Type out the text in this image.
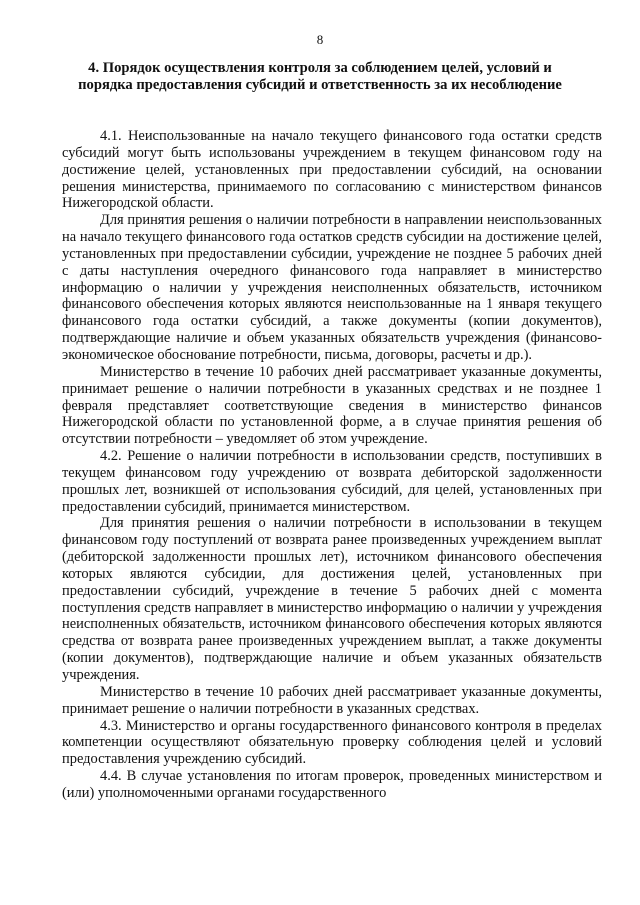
8
4. Порядок осуществления контроля за соблюдением целей, условий и порядка предоставления субсидий и ответственность за их несоблюдение

4.1. Неиспользованные на начало текущего финансового года остатки средств субсидий могут быть использованы учреждением в текущем финансовом году на достижение целей, установленных при предоставлении субсидий, на основании решения министерства, принимаемого по согласованию с министерством финансов Нижегородской области.

Для принятия решения о наличии потребности в направлении неиспользованных на начало текущего финансового года остатков средств субсидии на достижение целей, установленных при предоставлении субсидии, учреждение не позднее 5 рабочих дней с даты наступления очередного финансового года направляет в министерство информацию о наличии у учреждения неисполненных обязательств, источником финансового обеспечения которых являются неиспользованные на 1 января текущего финансового года остатки субсидий, а также документы (копии документов), подтверждающие наличие и объем указанных обязательств учреждения (финансово-экономическое обоснование потребности, письма, договоры, расчеты и др.).

Министерство в течение 10 рабочих дней рассматривает указанные документы, принимает решение о наличии потребности в указанных средствах и не позднее 1 февраля представляет соответствующие сведения в министерство финансов Нижегородской области по установленной форме, а в случае принятия решения об отсутствии потребности – уведомляет об этом учреждение.

4.2. Решение о наличии потребности в использовании средств, поступивших в текущем финансовом году учреждению от возврата дебиторской задолженности прошлых лет, возникшей от использования субсидий, для целей, установленных при предоставлении субсидий, принимается министерством.

Для принятия решения о наличии потребности в использовании в текущем финансовом году поступлений от возврата ранее произведенных учреждением выплат (дебиторской задолженности прошлых лет), источником финансового обеспечения которых являются субсидии, для достижения целей, установленных при предоставлении субсидий, учреждение в течение 5 рабочих дней с момента поступления средств направляет в министерство информацию о наличии у учреждения неисполненных обязательств, источником финансового обеспечения которых являются средства от возврата ранее произведенных учреждением выплат, а также документы (копии документов), подтверждающие наличие и объем указанных обязательств учреждения.

Министерство в течение 10 рабочих дней рассматривает указанные документы, принимает решение о наличии потребности в указанных средствах.

4.3. Министерство и органы государственного финансового контроля в пределах компетенции осуществляют обязательную проверку соблюдения целей и условий предоставления учреждению субсидий.

4.4. В случае установления по итогам проверок, проведенных министерством и (или) уполномоченными органами государственного
